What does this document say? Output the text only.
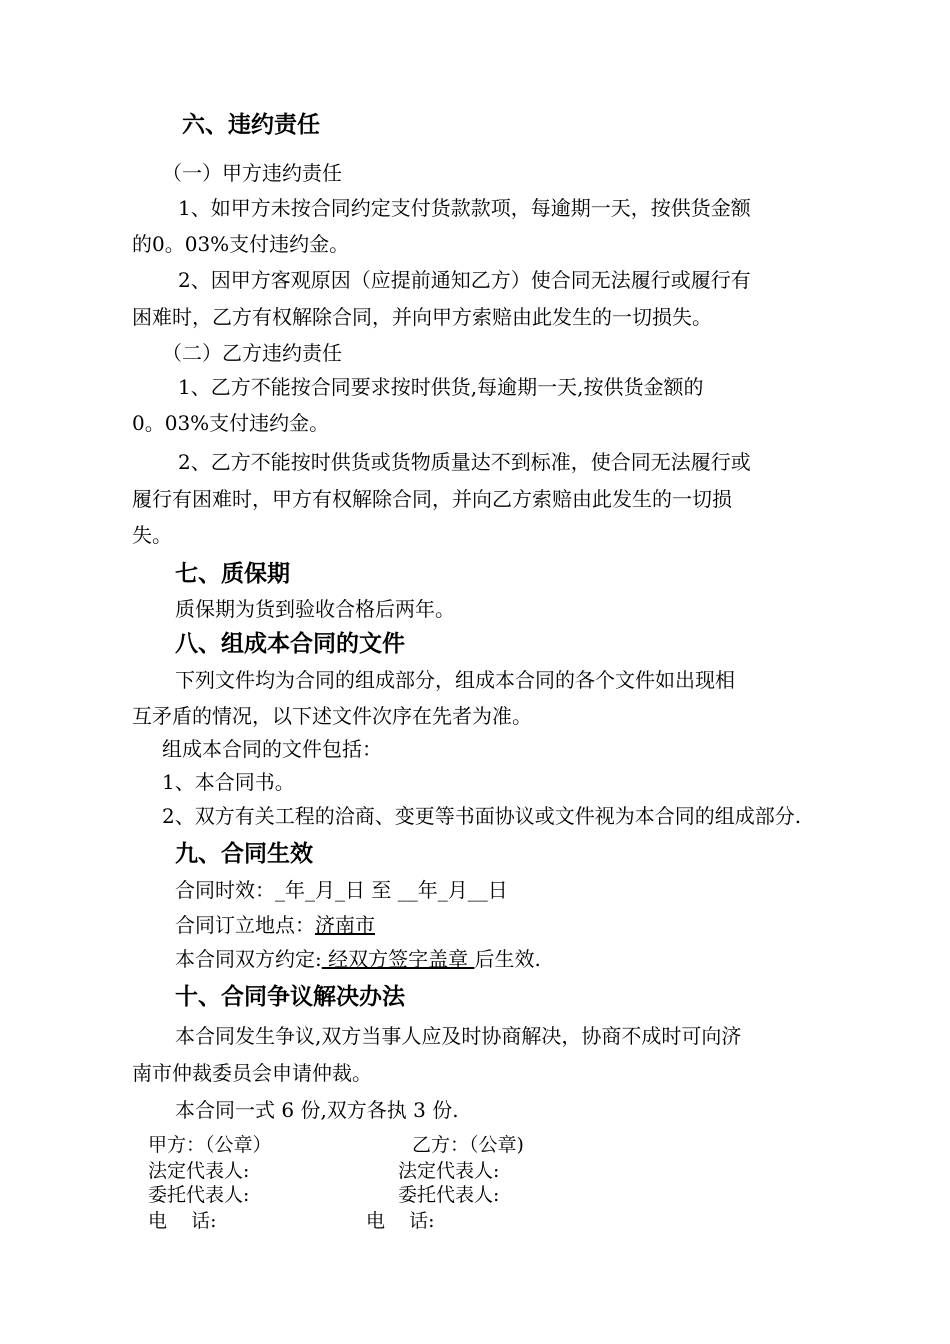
六、违约责任
（一）甲方违约责任
1、如甲方未按合同约定支付货款款项，每逾期一天，按供货金额
的0。03%支付违约金。
2、因甲方客观原因（应提前通知乙方）使合同无法履行或履行有
困难时，乙方有权解除合同，并向甲方索赔由此发生的一切损失。
（二）乙方违约责任
1、乙方不能按合同要求按时供货,每逾期一天,按供货金额的
0。03%支付违约金。
2、乙方不能按时供货或货物质量达不到标准，使合同无法履行或
履行有困难时，甲方有权解除合同，并向乙方索赔由此发生的一切损
失。
七、质保期
质保期为货到验收合格后两年。
八、组成本合同的文件
下列文件均为合同的组成部分，组成本合同的各个文件如出现相
互矛盾的情况，以下述文件次序在先者为准。
组成本合同的文件包括：
1、本合同书。
2、双方有关工程的洽商、变更等书面协议或文件视为本合同的组成部分.
九、合同生效
合同时效：_年_月_日 至 __年_月__日
合同订立地点：济南市
本合同双方约定: 经双方签字盖章 后生效.
十、合同争议解决办法
本合同发生争议,双方当事人应及时协商解决，协商不成时可向济
南市仲裁委员会申请仲裁。
本合同一式 6 份,双方各执 3 份.
甲方：（公章）	乙方：（公章)
法定代表人:	法定代表人:
委托代表人:	委托代表人:
电    话:	电    话:
